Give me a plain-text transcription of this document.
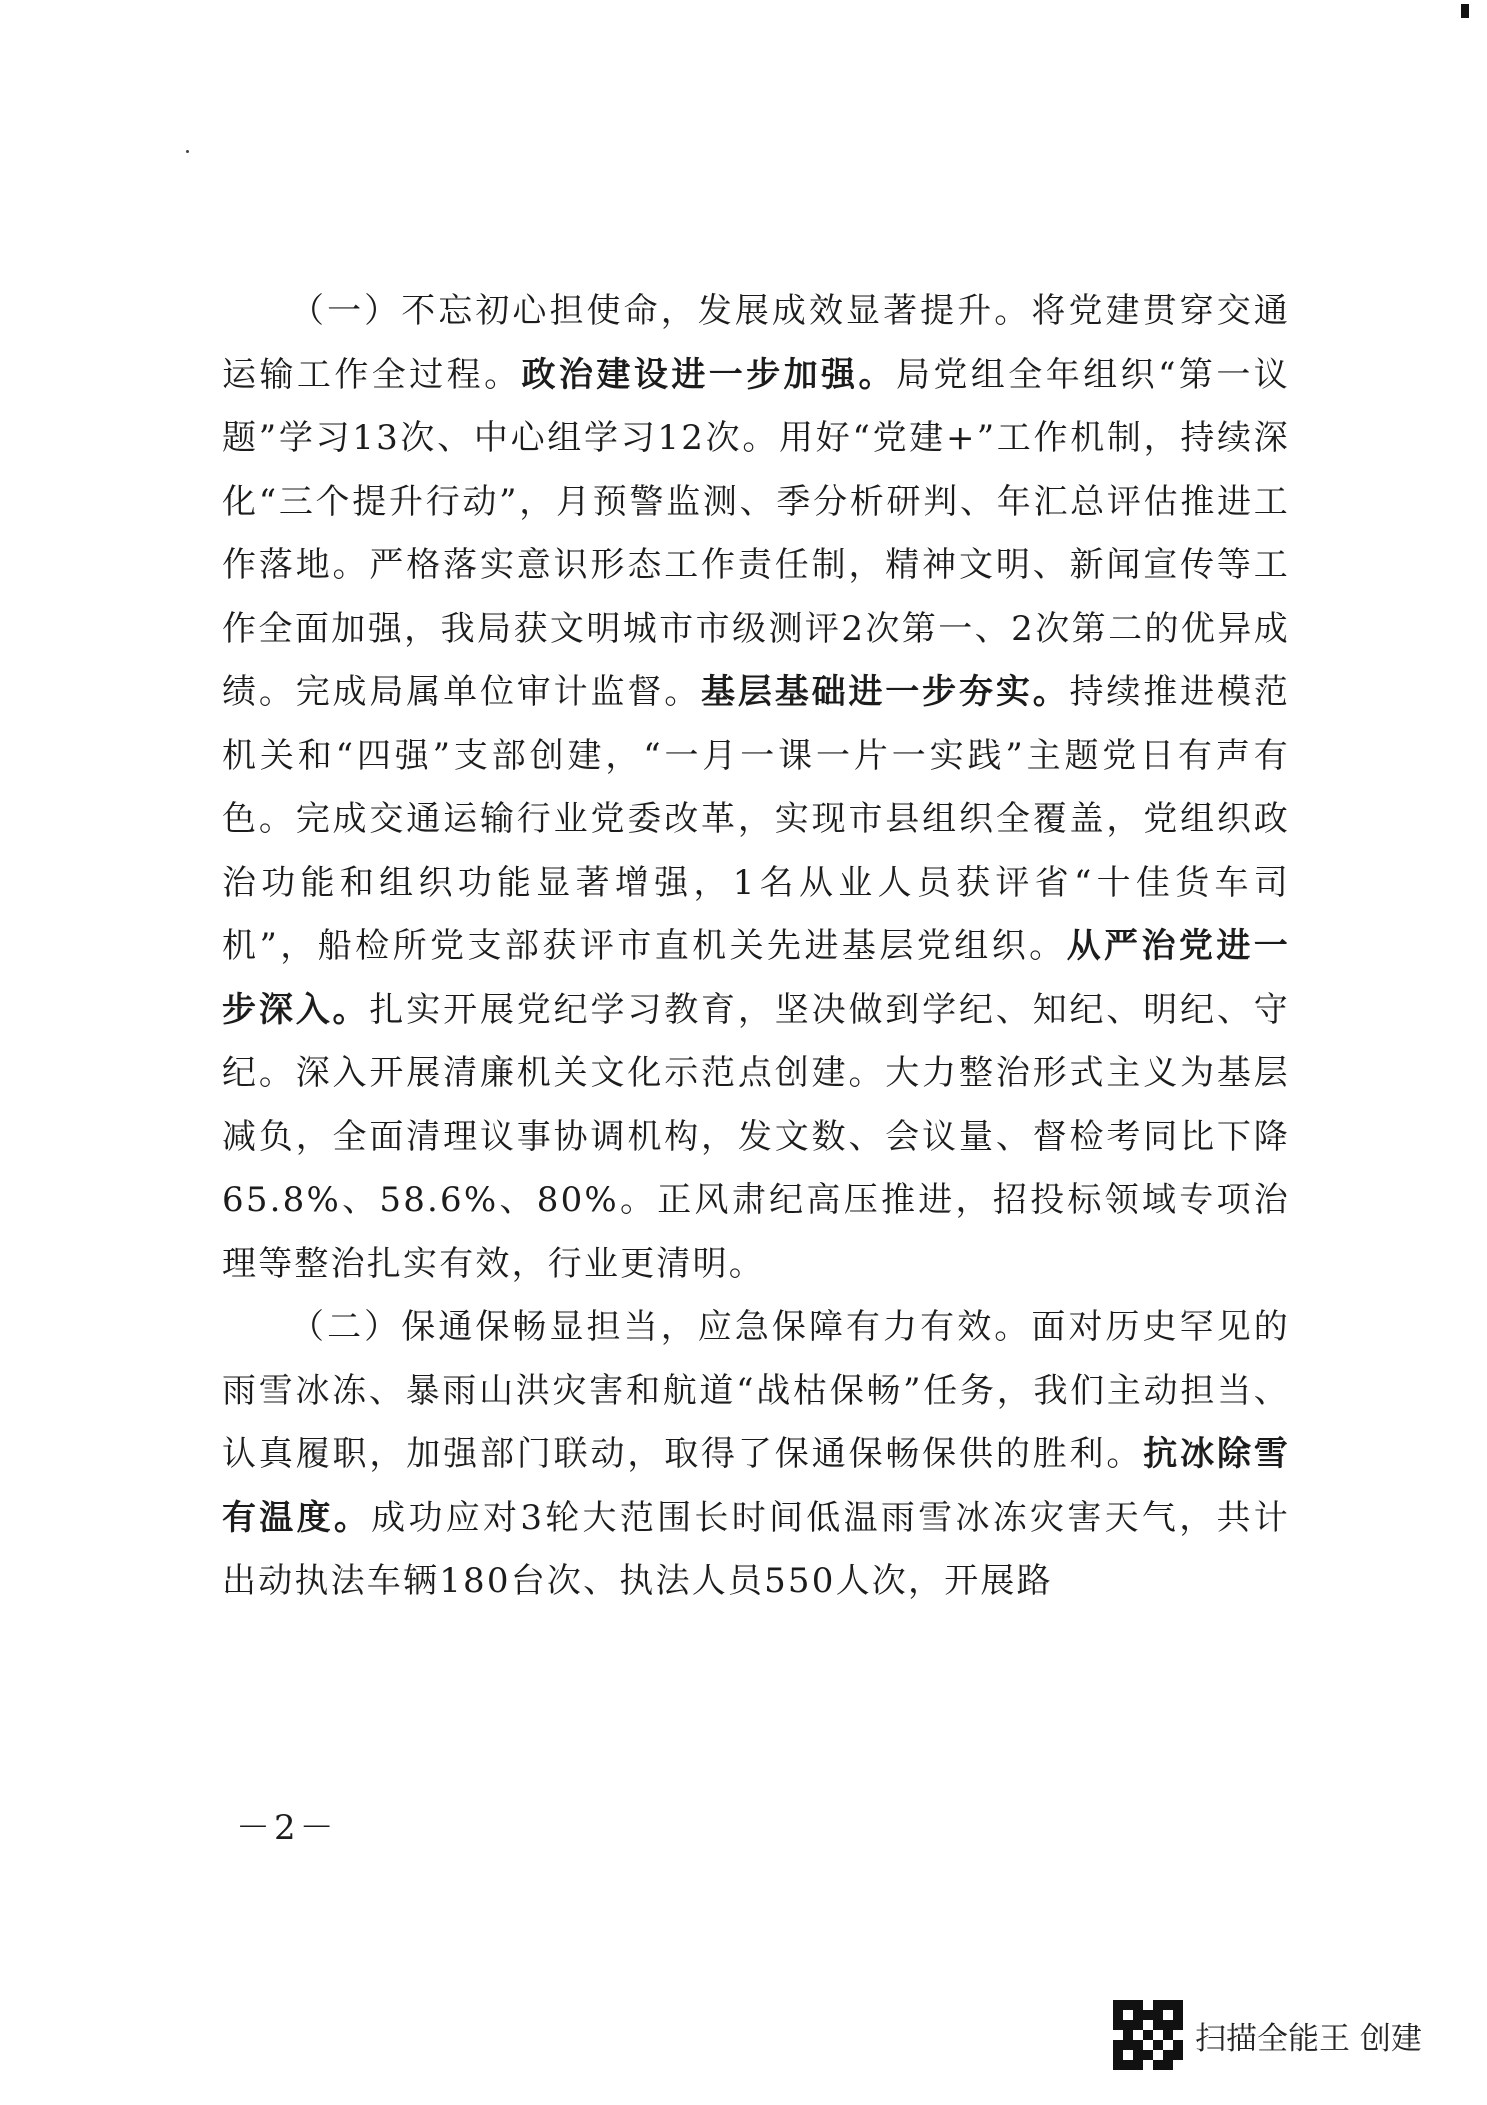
（一）不忘初心担使命，发展成效显著提升。将党建贯穿交通运输工作全过程。政治建设进一步加强。局党组全年组织“第一议题”学习13次、中心组学习12次。用好“党建+”工作机制，持续深化“三个提升行动”，月预警监测、季分析研判、年汇总评估推进工作落地。严格落实意识形态工作责任制，精神文明、新闻宣传等工作全面加强，我局获文明城市市级测评2次第一、2次第二的优异成绩。完成局属单位审计监督。基层基础进一步夯实。持续推进模范机关和“四强”支部创建，“一月一课一片一实践”主题党日有声有色。完成交通运输行业党委改革，实现市县组织全覆盖，党组织政治功能和组织功能显著增强，1名从业人员获评省“十佳货车司机”，船检所党支部获评市直机关先进基层党组织。从严治党进一步深入。扎实开展党纪学习教育，坚决做到学纪、知纪、明纪、守纪。深入开展清廉机关文化示范点创建。大力整治形式主义为基层减负，全面清理议事协调机构，发文数、会议量、督检考同比下降65.8%、58.6%、80%。正风肃纪高压推进，招投标领域专项治理等整治扎实有效，行业更清明。

（二）保通保畅显担当，应急保障有力有效。面对历史罕见的雨雪冰冻、暴雨山洪灾害和航道“战枯保畅”任务，我们主动担当、认真履职，加强部门联动，取得了保通保畅保供的胜利。抗冰除雪有温度。成功应对3轮大范围长时间低温雨雪冰冻灾害天气，共计出动执法车辆180台次、执法人员550人次，开展路

－2－
扫描全能王 创建
